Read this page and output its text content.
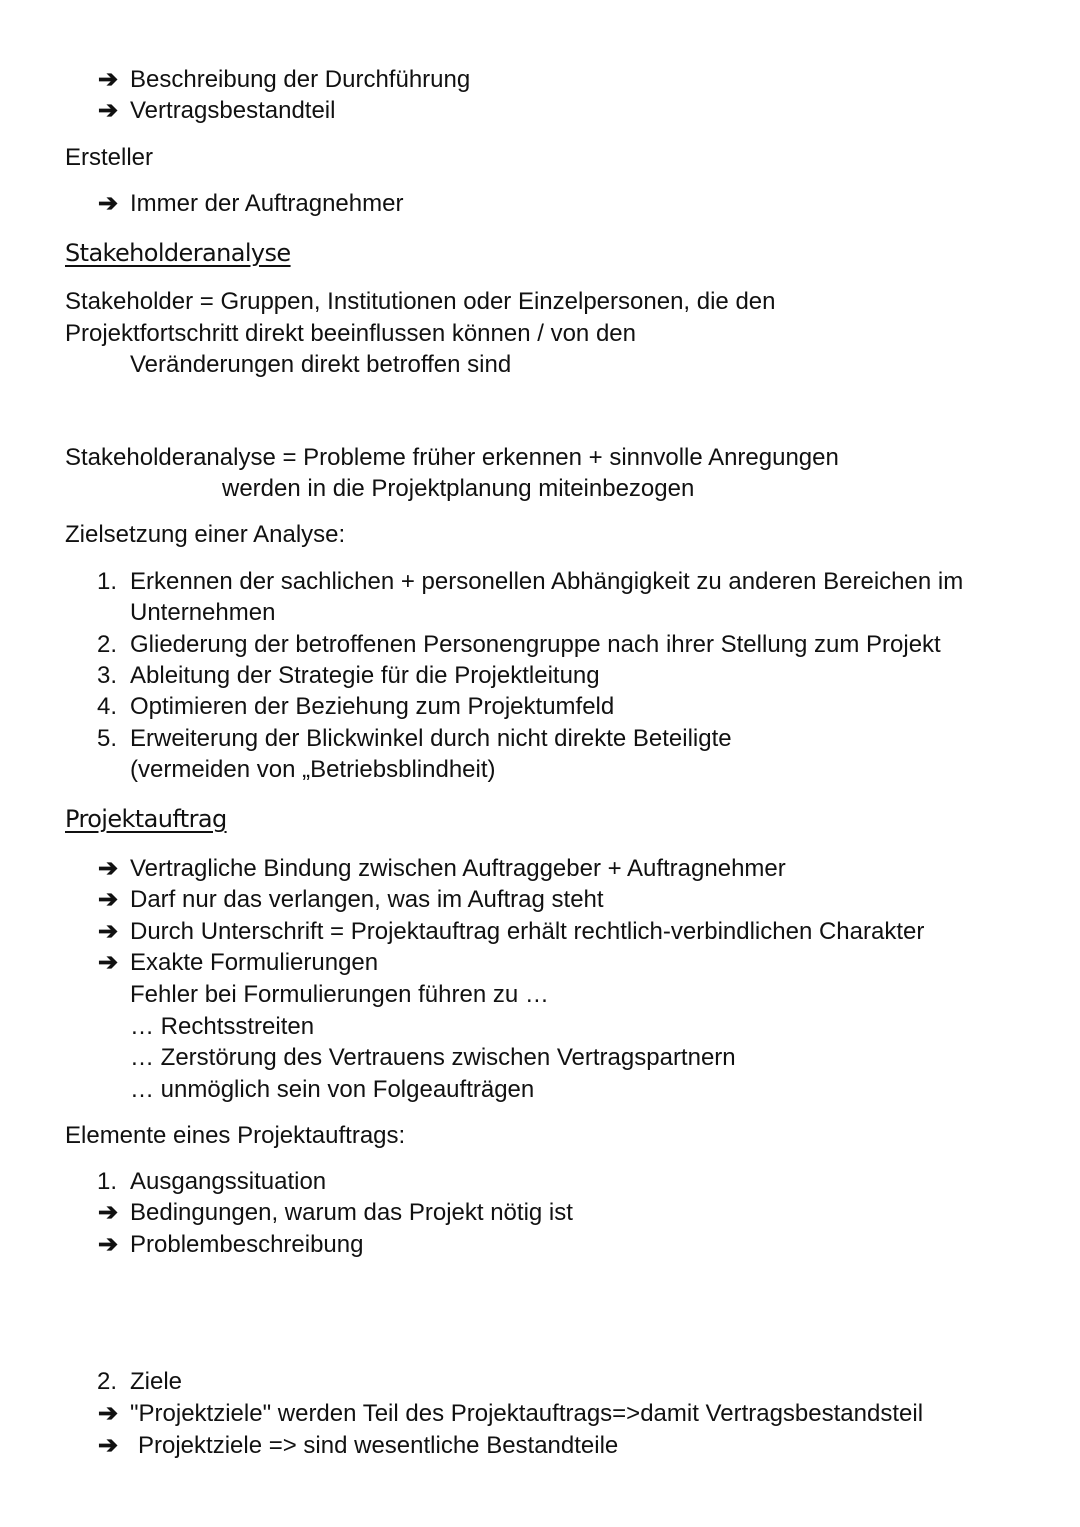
➔ Beschreibung der Durchführung
➔ Vertragsbestandteil
Ersteller
➔ Immer der Auftragnehmer
Stakeholderanalyse
Stakeholder = Gruppen, Institutionen oder Einzelpersonen, die den
Projektfortschritt direkt beeinflussen können / von den
Veränderungen direkt betroffen sind
Stakeholderanalyse = Probleme früher erkennen + sinnvolle Anregungen
werden in die Projektplanung miteinbezogen
Zielsetzung einer Analyse:
1. Erkennen der sachlichen + personellen Abhängigkeit zu anderen Bereichen im
Unternehmen
2. Gliederung der betroffenen Personengruppe nach ihrer Stellung zum Projekt
3. Ableitung der Strategie für die Projektleitung
4. Optimieren der Beziehung zum Projektumfeld
5. Erweiterung der Blickwinkel durch nicht direkte Beteiligte
(vermeiden von „Betriebsblindheit)
Projektauftrag
➔ Vertragliche Bindung zwischen Auftraggeber + Auftragnehmer
➔ Darf nur das verlangen, was im Auftrag steht
➔ Durch Unterschrift = Projektauftrag erhält rechtlich-verbindlichen Charakter
➔ Exakte Formulierungen
Fehler bei Formulierungen führen zu …
… Rechtsstreiten
… Zerstörung des Vertrauens zwischen Vertragspartnern
… unmöglich sein von Folgeaufträgen
Elemente eines Projektauftrags:
1. Ausgangssituation
➔ Bedingungen, warum das Projekt nötig ist
➔ Problembeschreibung
2. Ziele
➔ "Projektziele" werden Teil des Projektauftrags=>damit Vertragsbestandsteil
➔ Projektziele => sind wesentliche Bestandteile
